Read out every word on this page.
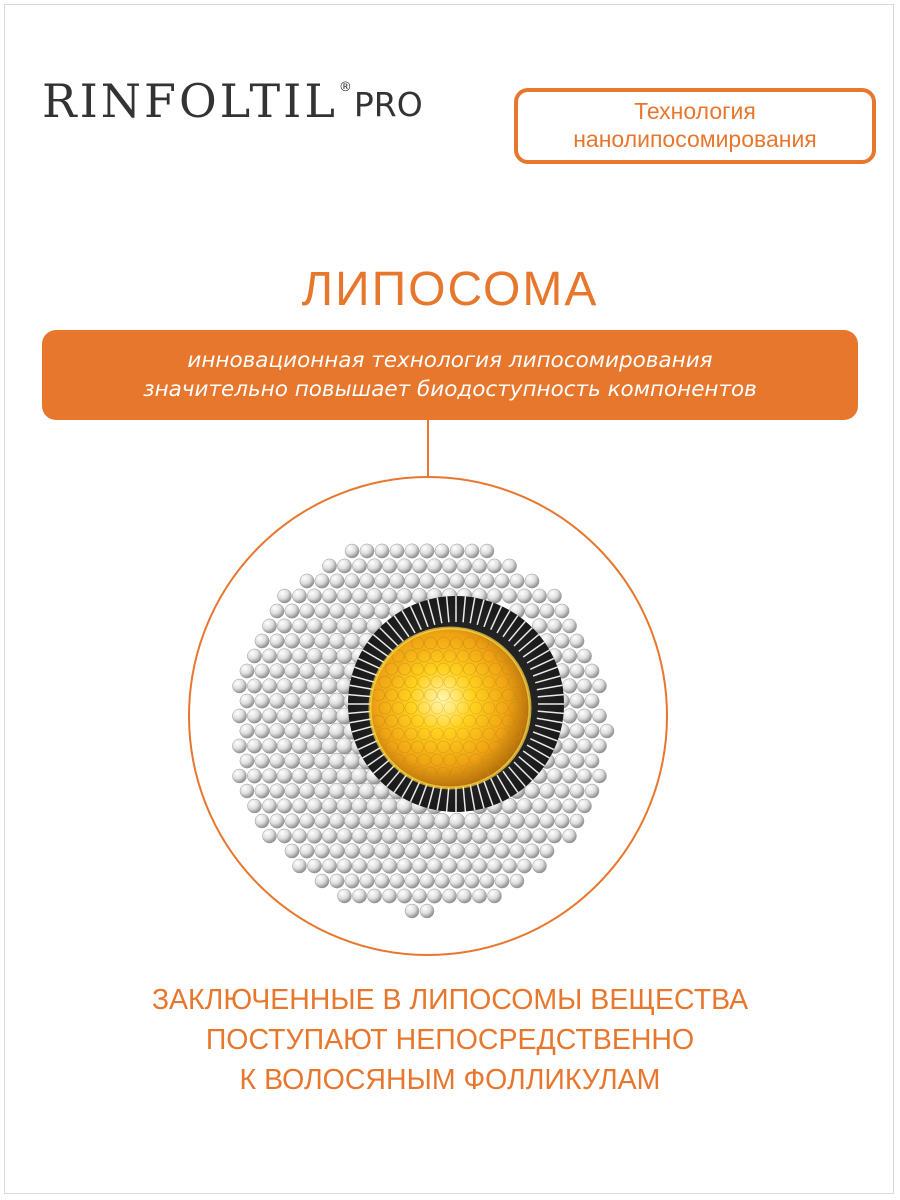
RINFOLTIL ® PRO	Технология
нанолипосомирования
ЛИПОСОМА
инновационная технология липосомирования
значительно повышает биодоступность компонентов
ЗАКЛЮЧЕННЫЕ В ЛИПОСОМЫ ВЕЩЕСТВА
ПОСТУПАЮТ НЕПОСРЕДСТВЕННО
К ВОЛОСЯНЫМ ФОЛЛИКУЛАМ
